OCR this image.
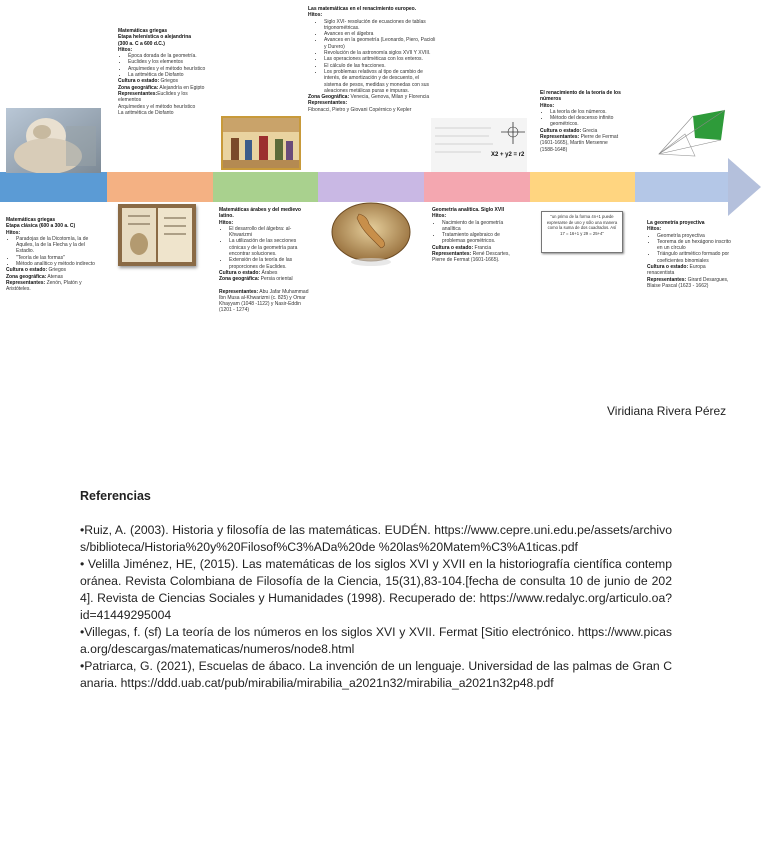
X2 + y2 = r2
Matemáticas griegas
Etapa helenística o alejandrina
(300 a. C a 600 d.C.)
Hitos:
• Época dorada de la geometría.
• Euclides y los elementos
• Arquímedes y el método heurístico
• La aritmética de Diofanto

Cultura o estado: Griegos

Zona geográfica: Alejandría en Egipto

Representantes:Euclides y los elementos

Arquímedes y el método heurístico

La aritmética de Diofanto

Las matemáticas en el renacimiento europeo.
Hitos:
• Siglo XVI- resolución de ecuaciones de tablas trigonométricas.
• Avances en el álgebra
• Avances en la geometría (Leonardo, Piero, Pacioli y Durero)
• Revolución de la astronomía siglos XVII Y XVIII.
• Las operaciones aritméticas con los enteros.
• El cálculo de las fracciones.
• Los problemas relativos al tipo de cambio de interés, de amortización y de descuento, el sistema de pesos, medidas y monedas con sus aleaciones metálicas puras e impuras.

Zona Geográfica: Venecia, Genova, Milan y Florencia

Representantes:

Fibonacci, Pietro y Giovani Copérnico y Kepler

El renacimiento de la teoría de los números
Hitos:
• La teoría de los números.
• Método del descenso infinito geométricos.

Cultura o estado: Grecia

Representantes: Pierre de Fermat (1601-1665), Martín Mersenne (1588-1648)

Matemáticas griegas
Etapa clásica (600 a 300 a. C)
Hitos:
• Paradojas de la Dicotomía, la de Aquiles, la de la Flecha y la del Estadio.
• "Teoría de las formas"
• Método analítico y método indirecto

Cultura o estado: Griegos

Zona geográfica: Atenas

Representantes: Zenón, Platón y Aristóteles.

Matemáticas árabes y del medievo latino.
Hitos:
• El desarrollo del álgebra: al-Khwarizmi
• La utilización de las secciones cónicas y de la geometría para encontrar soluciones.
• Extensión de la teoría de las proporciones de Euclides.

Cultura o estado: Árabes

Zona geográfica: Persia oriental

Representantes: Abu Jafar Muhammad Ibn Musa al-Khwarizmi (c. 825) y Omar Khayyam (1048 -1122) y Nasir-Eddin (1201 - 1274)

Geometría analítica. Siglo XVII
Hitos:
• Nacimiento de la geometría analítica
• Tratamiento algebraico de problemas geométricos.

Cultura o estado: Francia

Representantes: René Descartes, Pierre de Fermat (1601-1665).

"un primo de la forma 4n+1 puede expresarse de uno y sólo una manera como la suma de dos cuadrados. Así 17 = 16+1 y 29 = 25+4"
La geometría proyectiva
Hitos:
• Geometría proyectiva
• Teorema de un hexágono inscrito en un círculo
• Triángulo aritmético formado por coeficientes binomiales

Cultura o estado: Europa renacentista

Representantes: Girard Desargues, Blaise Pascal (1623 - 1662)

Viridiana Rivera Pérez
Referencias

•Ruiz, A. (2003). Historia y filosofía de las matemáticas. EUDÉN. https://www.cepre.uni.edu.pe/assets/archivos/biblioteca/Historia%20y%20Filosof%C3%ADa%20de %20las%20Matem%C3%A1ticas.pdf

• Velilla Jiménez, HE, (2015). Las matemáticas de los siglos XVI y XVII en la historiografía científica contemporánea. Revista Colombiana de Filosofía de la Ciencia, 15(31),83-104.[fecha de consulta 10 de junio de 2024]. Revista de Ciencias Sociales y Humanidades (1998). Recuperado de: https://www.redalyc.org/articulo.oa?id=41449295004

•Villegas, f. (sf) La teoría de los números en los siglos XVI y XVII. Fermat [Sitio electrónico. https://www.picasa.org/descargas/matematicas/numeros/node8.html

•Patriarca, G. (2021), Escuelas de ábaco. La invención de un lenguaje. Universidad de las palmas de Gran Canaria. https://ddd.uab.cat/pub/mirabilia/mirabilia_a2021n32/mirabilia_a2021n32p48.pdf
